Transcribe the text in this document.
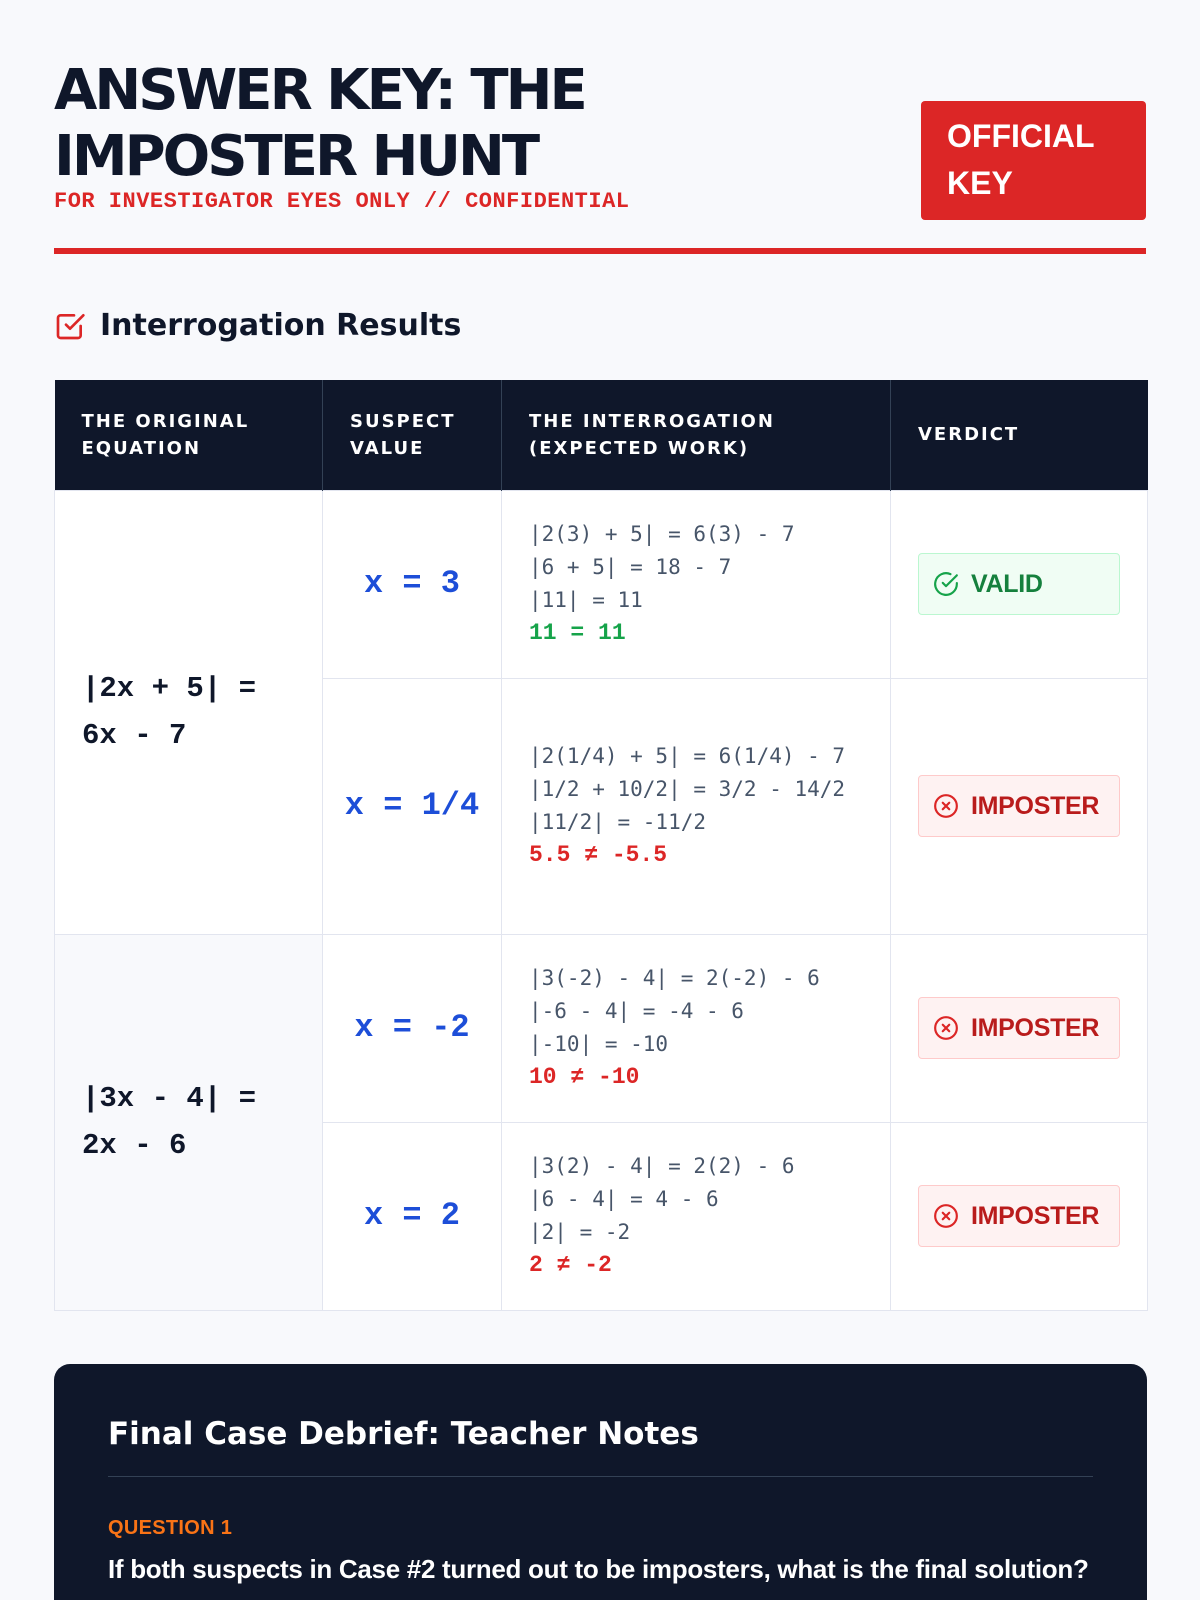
ANSWER KEY: THE IMPOSTER HUNT
FOR INVESTIGATOR EYES ONLY // CONFIDENTIAL
OFFICIAL KEY
Interrogation Results
THE ORIGINAL EQUATION	SUSPECT VALUE	THE INTERROGATION (EXPECTED WORK)	VERDICT
|2x + 5| = 6x - 7	x = 3	|2(3) + 5| = 6(3) - 7
|6 + 5| = 18 - 7
|11| = 11
11 = 11	VALID

	x = 1/4	|2(1/4) + 5| = 6(1/4) - 7
|1/2 + 10/2| = 3/2 - 14/2
|11/2| = -11/2
5.5 ≠ -5.5	IMPOSTER

|3x - 4| = 2x - 6	x = -2	|3(-2) - 4| = 2(-2) - 6
|-6 - 4| = -4 - 6
|-10| = -10
10 ≠ -10	IMPOSTER

	x = 2	|3(2) - 4| = 2(2) - 6
|6 - 4| = 4 - 6
|2| = -2
2 ≠ -2	IMPOSTER
Final Case Debrief: Teacher Notes
QUESTION 1
If both suspects in Case #2 turned out to be imposters, what is the final solution?
